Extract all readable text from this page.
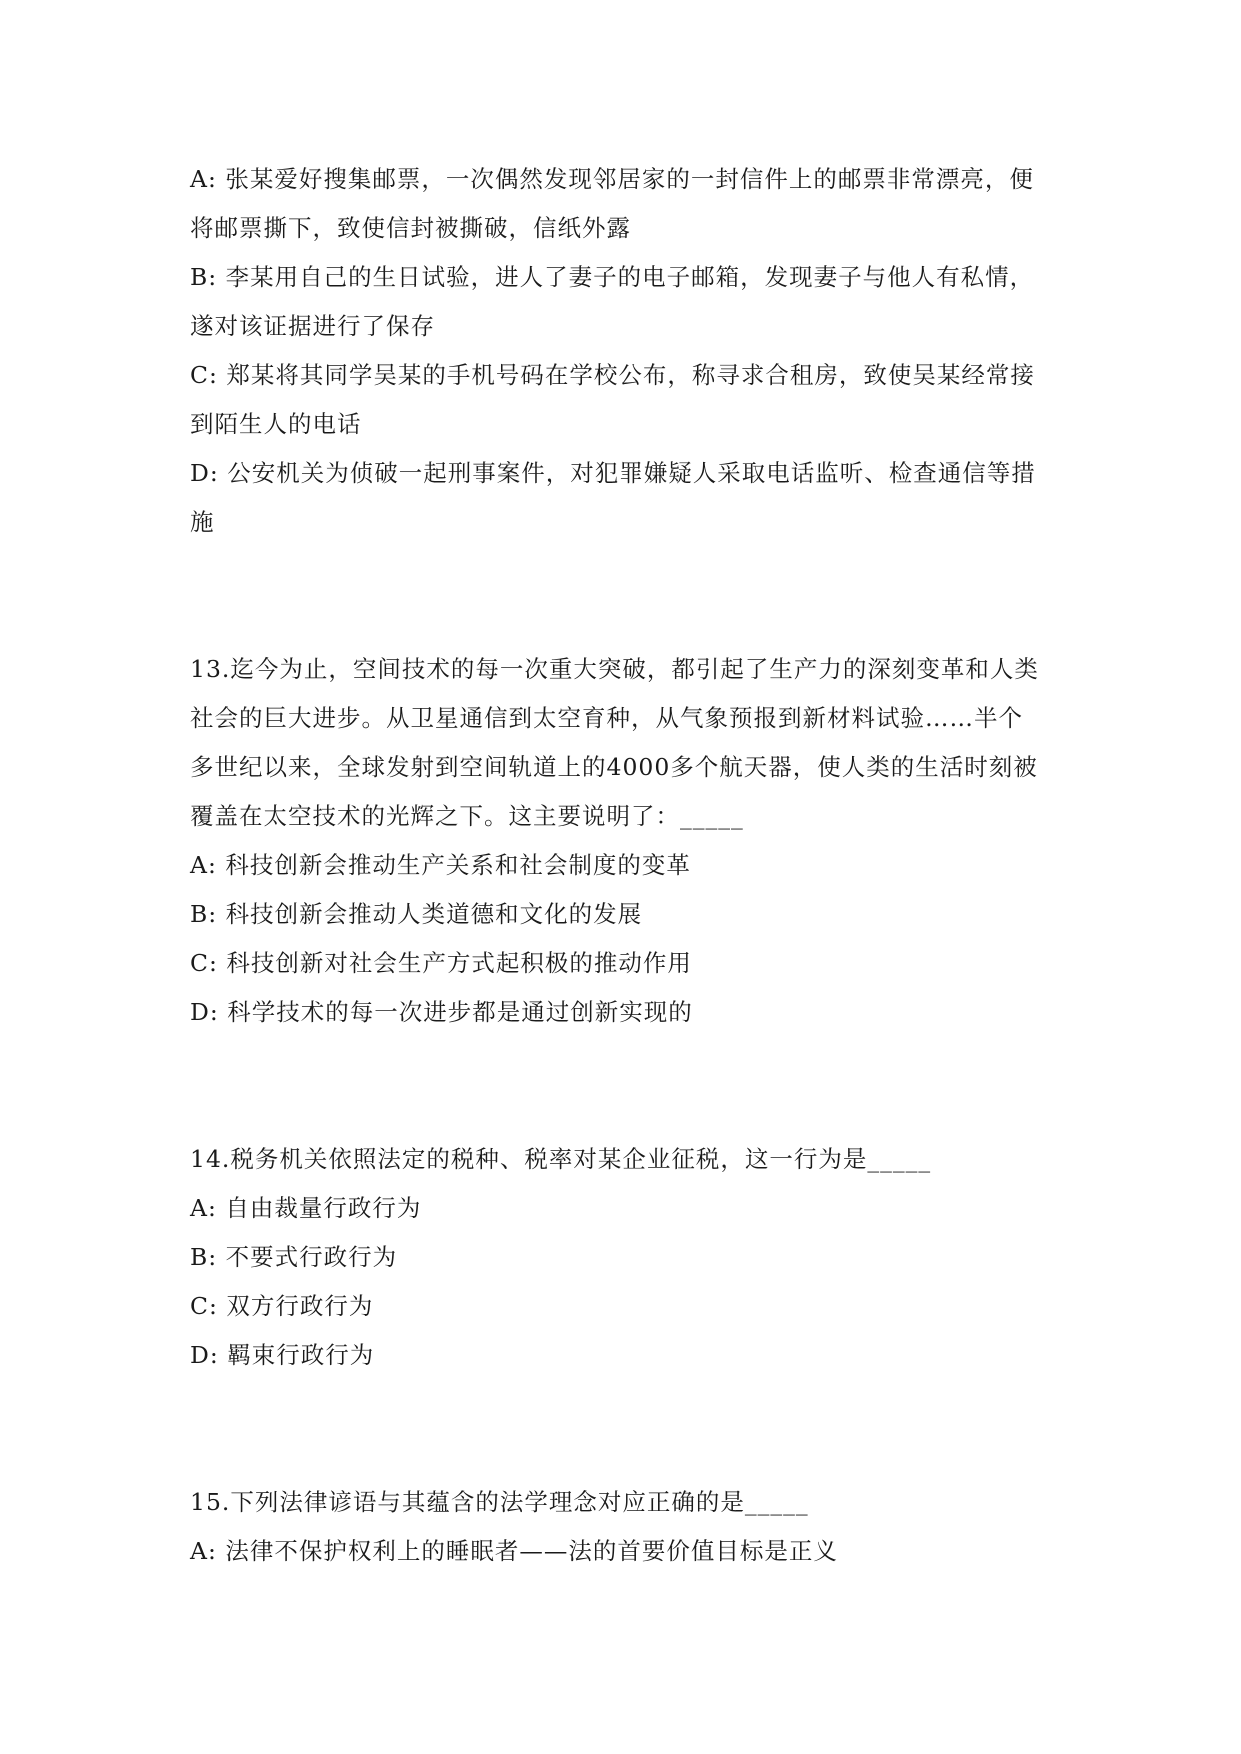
A: 张某爱好搜集邮票，一次偶然发现邻居家的一封信件上的邮票非常漂亮，便
将邮票撕下，致使信封被撕破，信纸外露
B: 李某用自己的生日试验，进人了妻子的电子邮箱，发现妻子与他人有私情，
遂对该证据进行了保存
C: 郑某将其同学吴某的手机号码在学校公布，称寻求合租房，致使吴某经常接
到陌生人的电话
D: 公安机关为侦破一起刑事案件，对犯罪嫌疑人采取电话监听、检查通信等措
施
13.迄今为止，空间技术的每一次重大突破，都引起了生产力的深刻变革和人类
社会的巨大进步。从卫星通信到太空育种，从气象预报到新材料试验……半个
多世纪以来，全球发射到空间轨道上的4000多个航天器，使人类的生活时刻被
覆盖在太空技术的光辉之下。这主要说明了：_____
A: 科技创新会推动生产关系和社会制度的变革
B: 科技创新会推动人类道德和文化的发展
C: 科技创新对社会生产方式起积极的推动作用
D: 科学技术的每一次进步都是通过创新实现的
14.税务机关依照法定的税种、税率对某企业征税，这一行为是_____
A: 自由裁量行政行为
B: 不要式行政行为
C: 双方行政行为
D: 羁束行政行为
15.下列法律谚语与其蕴含的法学理念对应正确的是_____
A: 法律不保护权利上的睡眠者——法的首要价值目标是正义
